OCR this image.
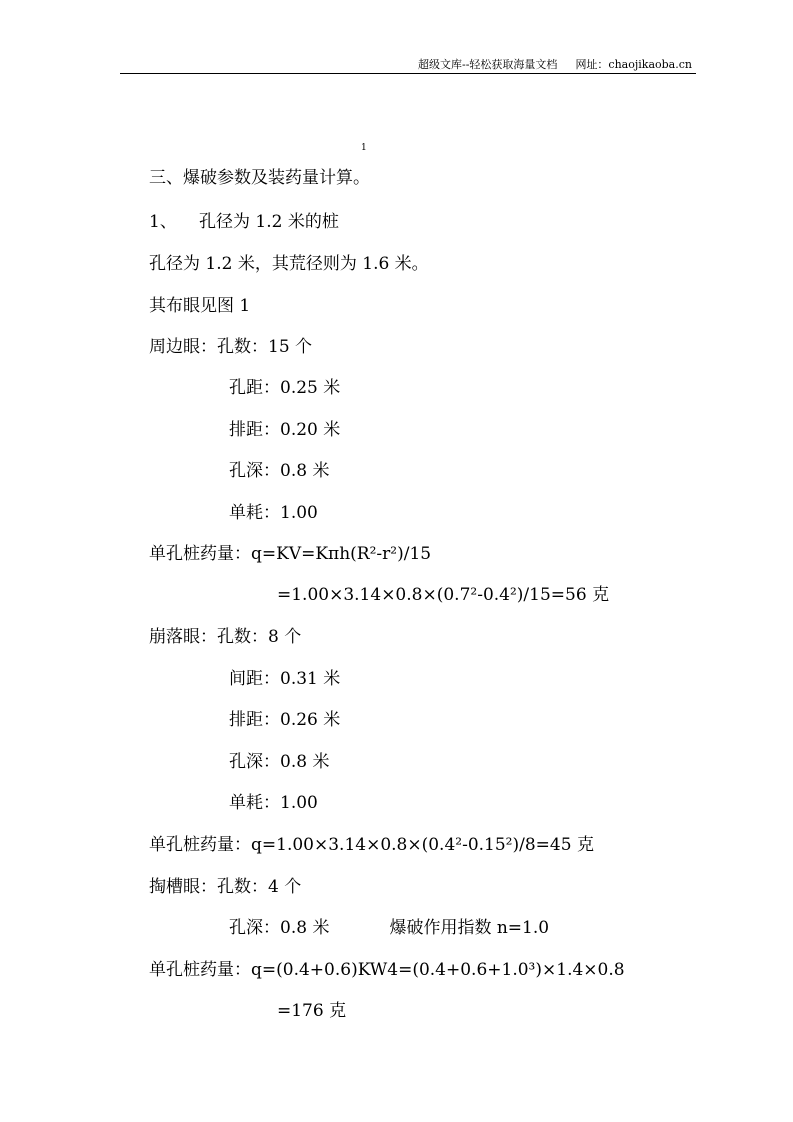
超级文库--轻松获取海量文档 网址：chaojikaoba.cn
1
三、爆破参数及装药量计算。
1、 孔径为 1.2 米的桩
孔径为 1.2 米，其荒径则为 1.6 米。
其布眼见图 1
周边眼：孔数：15 个
孔距：0.25 米
排距：0.20 米
孔深：0.8 米
单耗：1.00
单孔桩药量：q=KV=Kπh(R²-r²)/15
=1.00×3.14×0.8×(0.7²-0.4²)/15=56 克
崩落眼：孔数：8 个
间距：0.31 米
排距：0.26 米
孔深：0.8 米
单耗：1.00
单孔桩药量：q=1.00×3.14×0.8×(0.4²-0.15²)/8=45 克
掏槽眼：孔数：4 个
孔深：0.8 米	爆破作用指数 n=1.0
单孔桩药量：q=(0.4+0.6)KW4=(0.4+0.6+1.0³)×1.4×0.8
=176 克
